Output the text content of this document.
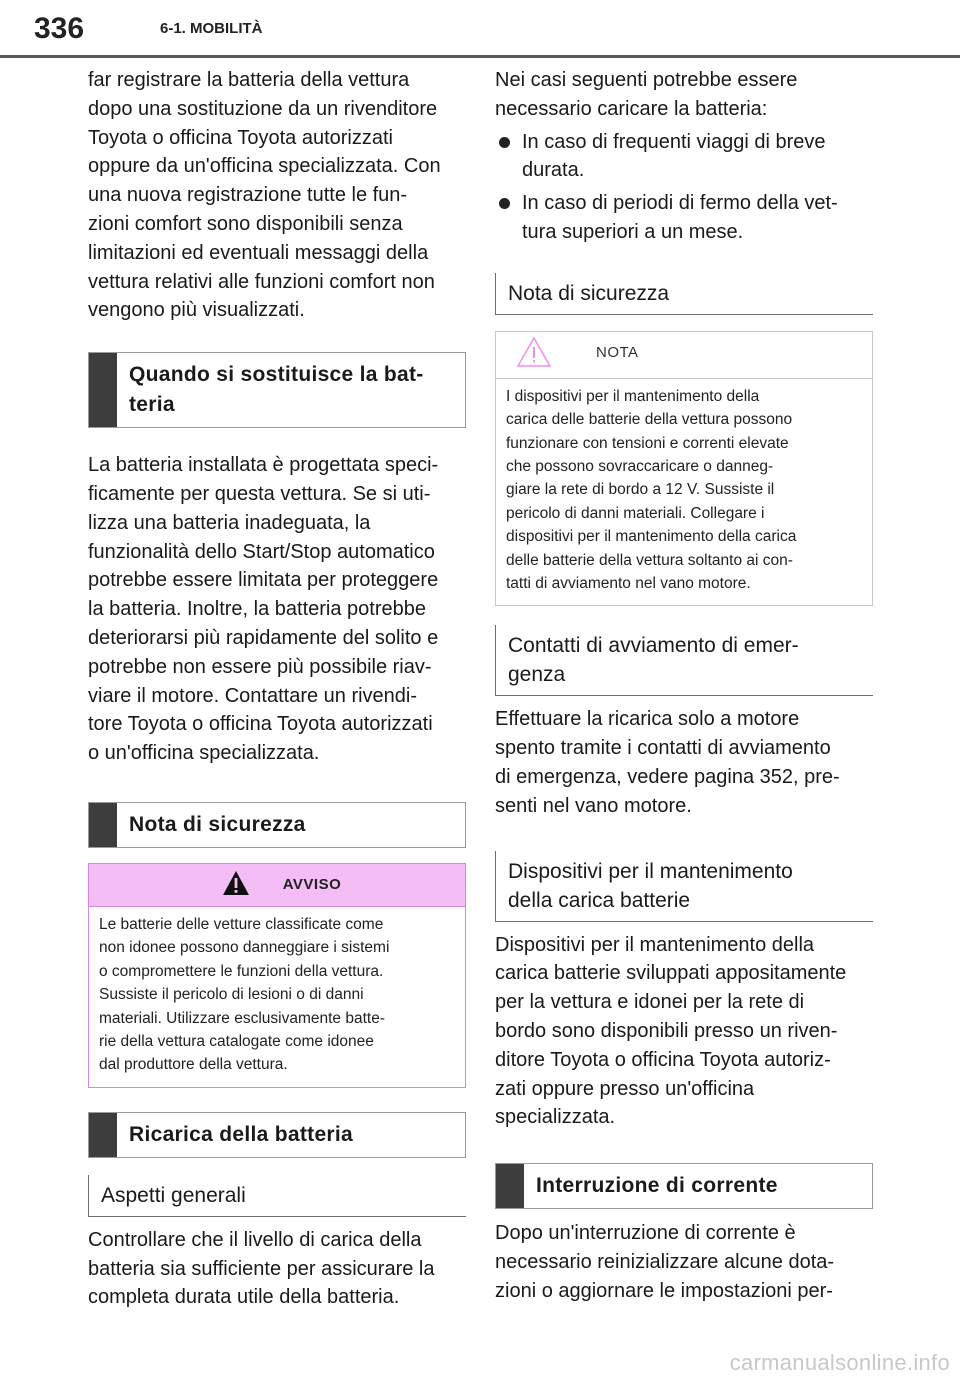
336	6-1. MOBILITÀ

far registrare la batteria della vettura
dopo una sostituzione da un rivenditore
Toyota o officina Toyota autorizzati
oppure da un'officina specializzata. Con
una nuova registrazione tutte le fun-
zioni comfort sono disponibili senza
limitazioni ed eventuali messaggi della
vettura relativi alle funzioni comfort non
vengono più visualizzati.

Quando si sostituisce la bat-
teria

La batteria installata è progettata speci-
ficamente per questa vettura. Se si uti-
lizza una batteria inadeguata, la
funzionalità dello Start/Stop automatico
potrebbe essere limitata per proteggere
la batteria. Inoltre, la batteria potrebbe
deteriorarsi più rapidamente del solito e
potrebbe non essere più possibile riav-
viare il motore. Contattare un rivendi-
tore Toyota o officina Toyota autorizzati
o un'officina specializzata.

Nota di sicurezza
AVVISO
Le batterie delle vetture classificate come
non idonee possono danneggiare i sistemi
o compromettere le funzioni della vettura.
Sussiste il pericolo di lesioni o di danni
materiali. Utilizzare esclusivamente batte-
rie della vettura catalogate come idonee
dal produttore della vettura.
Ricarica della batteria
Aspetti generali

Controllare che il livello di carica della
batteria sia sufficiente per assicurare la
completa durata utile della batteria.

Nei casi seguenti potrebbe essere
necessario caricare la batteria:

In caso di frequenti viaggi di breve
durata.
In caso di periodi di fermo della vet-
tura superiori a un mese.
Nota di sicurezza
NOTA
I dispositivi per il mantenimento della
carica delle batterie della vettura possono
funzionare con tensioni e correnti elevate
che possono sovraccaricare o danneg-
giare la rete di bordo a 12 V. Sussiste il
pericolo di danni materiali. Collegare i
dispositivi per il mantenimento della carica
delle batterie della vettura soltanto ai con-
tatti di avviamento nel vano motore.
Contatti di avviamento di emer-
genza

Effettuare la ricarica solo a motore
spento tramite i contatti di avviamento
di emergenza, vedere pagina 352, pre-
senti nel vano motore.

Dispositivi per il mantenimento
della carica batterie

Dispositivi per il mantenimento della
carica batterie sviluppati appositamente
per la vettura e idonei per la rete di
bordo sono disponibili presso un riven-
ditore Toyota o officina Toyota autoriz-
zati oppure presso un'officina
specializzata.

Interruzione di corrente

Dopo un'interruzione di corrente è
necessario reinizializzare alcune dota-
zioni o aggiornare le impostazioni per-

carmanualsonline.info
